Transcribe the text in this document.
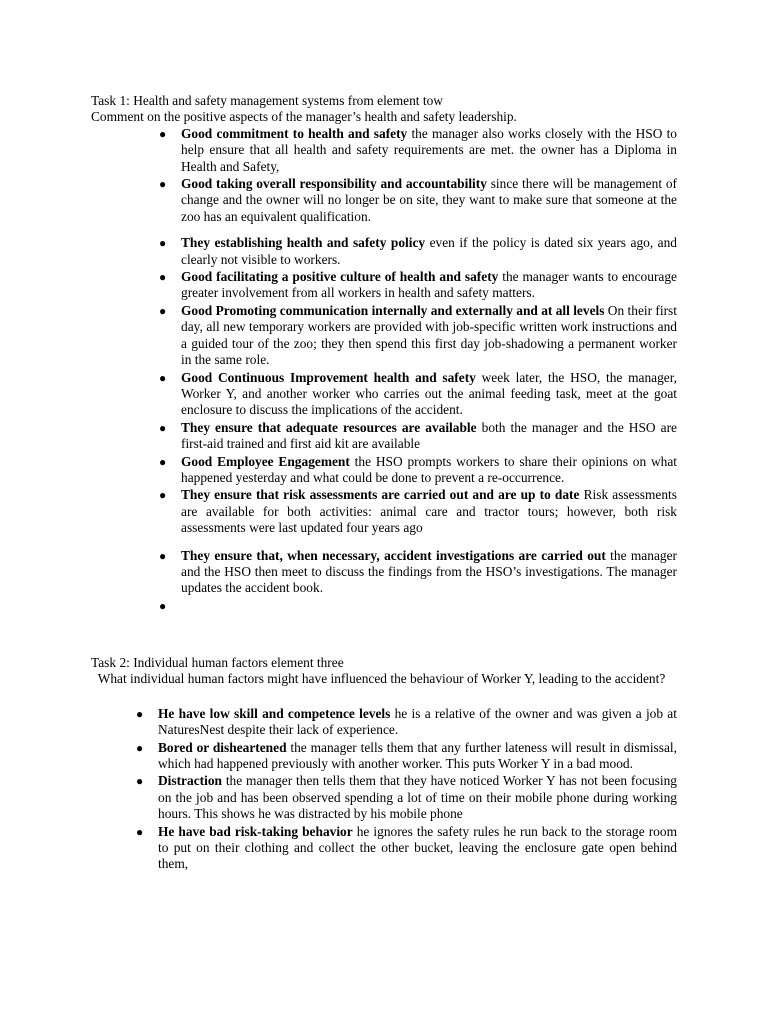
Task 1: Health and safety management systems from element tow

Comment on the positive aspects of the manager’s health and safety leadership.

● Good commitment to health and safety the manager also works closely with the HSO to help ensure that all health and safety requirements are met. the owner has a Diploma in Health and Safety,
● Good taking overall responsibility and accountability since there will be management of change and the owner will no longer be on site, they want to make sure that someone at the zoo has an equivalent qualification.
● They establishing health and safety policy even if the policy is dated six years ago, and clearly not visible to workers.
● Good facilitating a positive culture of health and safety the manager wants to encourage greater involvement from all workers in health and safety matters.
● Good Promoting communication internally and externally and at all levels On their first day, all new temporary workers are provided with job-specific written work instructions and a guided tour of the zoo; they then spend this first day job-shadowing a permanent worker in the same role.
● Good Continuous Improvement health and safety week later, the HSO, the manager, Worker Y, and another worker who carries out the animal feeding task, meet at the goat enclosure to discuss the implications of the accident.
● They ensure that adequate resources are available both the manager and the HSO are first-aid trained and first aid kit are available
● Good Employee Engagement the HSO prompts workers to share their opinions on what happened yesterday and what could be done to prevent a re-occurrence.
● They ensure that risk assessments are carried out and are up to date Risk assessments are available for both activities: animal care and tractor tours; however, both risk assessments were last updated four years ago
● They ensure that, when necessary, accident investigations are carried out the manager and the HSO then meet to discuss the findings from the HSO’s investigations. The manager updates the accident book.
●

Task 2: Individual human factors element three

What individual human factors might have influenced the behaviour of Worker Y, leading to the accident?

● He have low skill and competence levels he is a relative of the owner and was given a job at NaturesNest despite their lack of experience.
● Bored or disheartened the manager tells them that any further lateness will result in dismissal, which had happened previously with another worker. This puts Worker Y in a bad mood.
● Distraction the manager then tells them that they have noticed Worker Y has not been focusing on the job and has been observed spending a lot of time on their mobile phone during working hours. This shows he was distracted by his mobile phone
● He have bad risk-taking behavior he ignores the safety rules he run back to the storage room to put on their clothing and collect the other bucket, leaving the enclosure gate open behind them,
